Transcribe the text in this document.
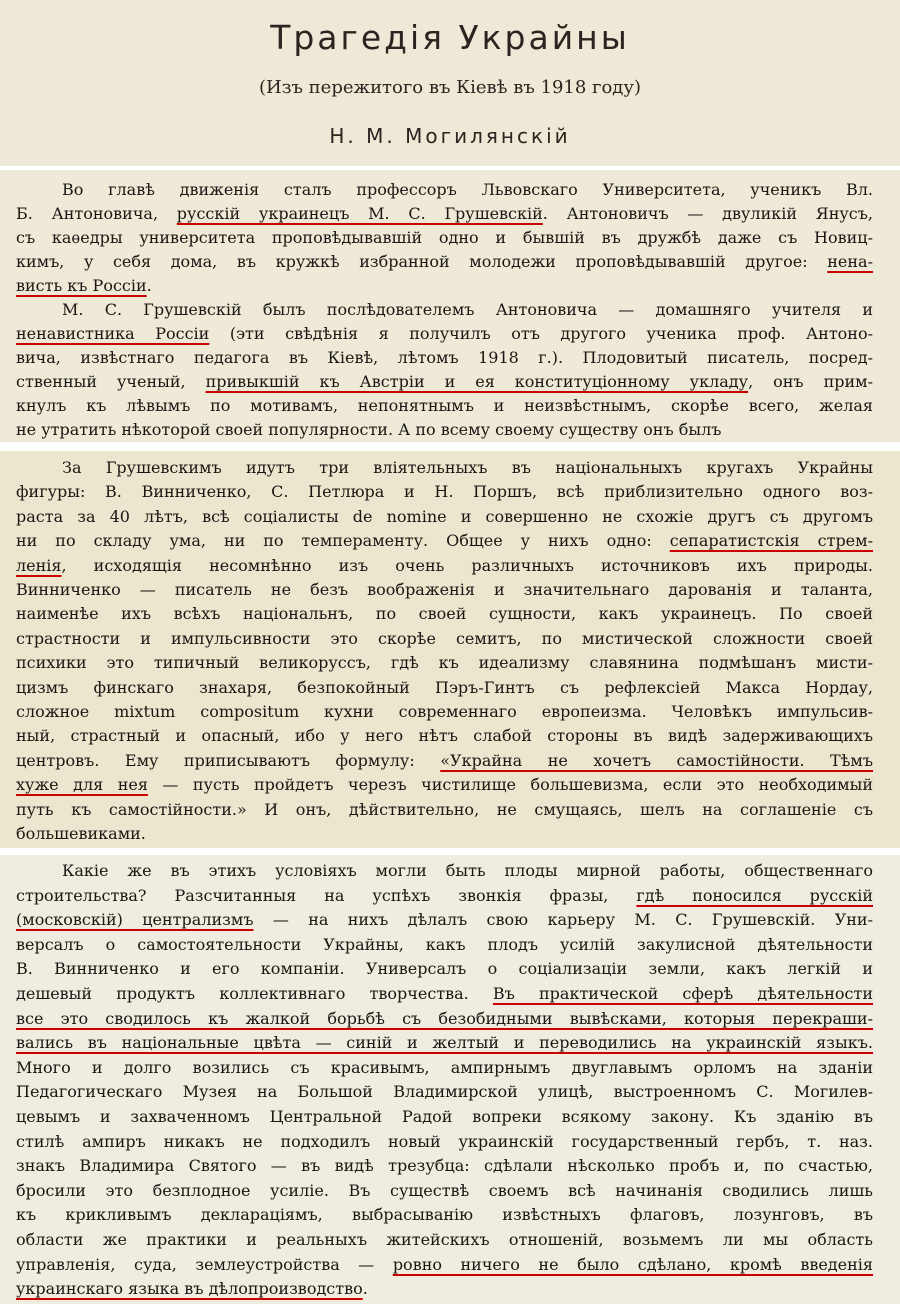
Трагедія Украйны
(Изъ пережитого въ Кіевѣ въ 1918 году)
Н. М. Могилянскій
Во главѣ движенія сталъ профессоръ Львовскаго Университета, ученикъ Вл.
Б. Антоновича, русскій украинецъ М. С. Грушевскій. Антоновичъ — двуликій Янусъ,
съ каѳедры университета проповѣдывавшій одно и бывшій въ дружбѣ даже съ Новиц-
кимъ, у себя дома, въ кружкѣ избранной молодежи проповѣдывавшій другое: нена-
висть къ Россіи.
М. С. Грушевскій былъ послѣдователемъ Антоновича — домашняго учителя и
ненавистника Россіи (эти свѣдѣнія я получилъ отъ другого ученика проф. Антоно-
вича, извѣстнаго педагога въ Кіевѣ, лѣтомъ 1918 г.). Плодовитый писатель, посред-
ственный ученый, привыкшій къ Австріи и ея конституціонному укладу, онъ прим-
кнулъ къ лѣвымъ по мотивамъ, непонятнымъ и неизвѣстнымъ, скорѣе всего, желая
не утратить нѣкоторой своей популярности. А по всему своему существу онъ былъ
За Грушевскимъ идутъ три вліятельныхъ въ національныхъ кругахъ Украйны
фигуры: В. Винниченко, С. Петлюра и Н. Поршъ, всѣ приблизительно одного воз-
раста за 40 лѣтъ, всѣ соціалисты de nomine и совершенно не схожіе другъ съ другомъ
ни по складу ума, ни по темпераменту. Общее у нихъ одно: сепаратистскія стрем-
ленія, исходящія несомнѣнно изъ очень различныхъ источниковъ ихъ природы.
Винниченко — писатель не безъ воображенія и значительнаго дарованія и таланта,
наименѣе ихъ всѣхъ національнъ, по своей сущности, какъ украинецъ. По своей
страстности и импульсивности это скорѣе семитъ, по мистической сложности своей
психики это типичный великоруссъ, гдѣ къ идеализму славянина подмѣшанъ мисти-
цизмъ финскаго знахаря, безпокойный Пэръ-Гинтъ съ рефлексіей Макса Нордау,
сложное mixtum compositum кухни современнаго европеизма. Человѣкъ импульсив-
ный, страстный и опасный, ибо у него нѣтъ слабой стороны въ видѣ задерживающихъ
центровъ. Ему приписываютъ формулу: «Украйна не хочетъ самостійности. Тѣмъ
хуже для нея — пусть пройдетъ черезъ чистилище большевизма, если это необходимый
путь къ самостійности.» И онъ, дѣйствительно, не смущаясь, шелъ на соглашеніе съ
большевиками.
Какіе же въ этихъ условіяхъ могли быть плоды мирной работы, общественнаго
строительства? Разсчитанныя на успѣхъ звонкія фразы, гдѣ поносился русскій
(московскій) централизмъ — на нихъ дѣлалъ свою карьеру М. С. Грушевскій. Уни-
версалъ о самостоятельности Украйны, какъ плодъ усилій закулисной дѣятельности
В. Винниченко и его компаніи. Универсалъ о соціализаціи земли, какъ легкій и
дешевый продуктъ коллективнаго творчества. Въ практической сферѣ дѣятельности
все это сводилось къ жалкой борьбѣ съ безобидными вывѣсками, которыя перекраши-
вались въ національные цвѣта — синій и желтый и переводились на украинскій языкъ.
Много и долго возились съ красивымъ, ампирнымъ двуглавымъ орломъ на зданіи
Педагогическаго Музея на Большой Владимирской улицѣ, выстроенномъ С. Могилев-
цевымъ и захваченномъ Центральной Радой вопреки всякому закону. Къ зданію въ
стилѣ ампиръ никакъ не подходилъ новый украинскій государственный гербъ, т. наз.
знакъ Владимира Святого — въ видѣ трезубца: сдѣлали нѣсколько пробъ и, по счастью,
бросили это безплодное усиліе. Въ существѣ своемъ всѣ начинанія сводились лишь
къ крикливымъ деклараціямъ, выбрасыванію извѣстныхъ флаговъ, лозунговъ, въ
области же практики и реальныхъ житейскихъ отношеній, возьмемъ ли мы область
управленія, суда, землеустройства — ровно ничего не было сдѣлано, кромѣ введенія
украинскаго языка въ дѣлопроизводство.
